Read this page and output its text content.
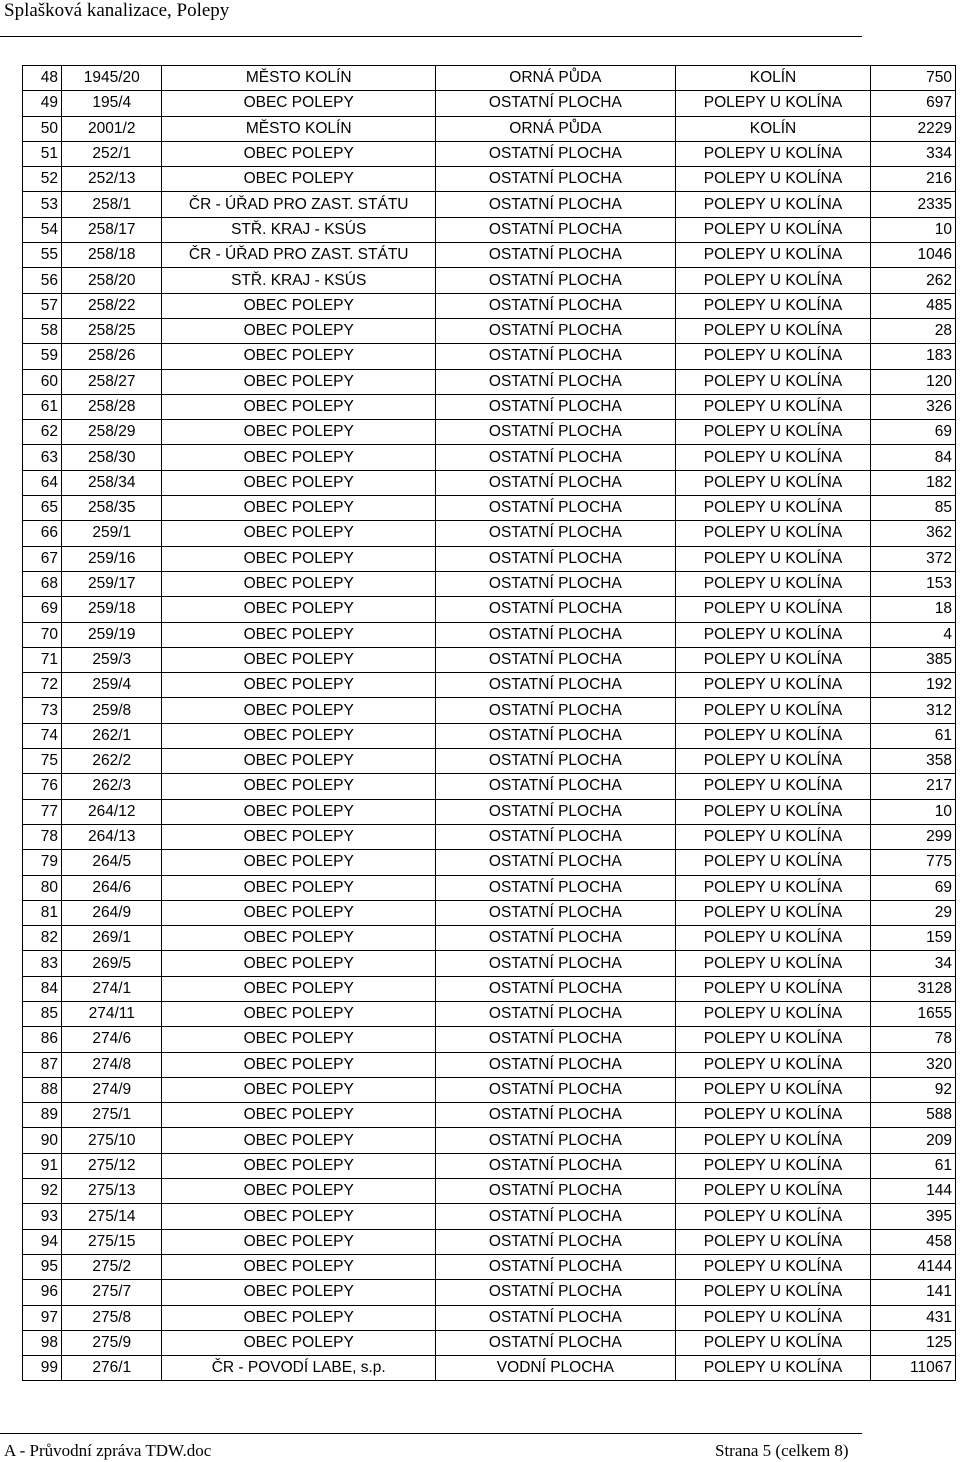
Splašková kanalizace, Polepy
48	1945/20	MĚSTO KOLÍN	ORNÁ PŮDA	KOLÍN	750
49	195/4	OBEC POLEPY	OSTATNÍ PLOCHA	POLEPY U KOLÍNA	697
50	2001/2	MĚSTO KOLÍN	ORNÁ PŮDA	KOLÍN	2229
51	252/1	OBEC POLEPY	OSTATNÍ PLOCHA	POLEPY U KOLÍNA	334
52	252/13	OBEC POLEPY	OSTATNÍ PLOCHA	POLEPY U KOLÍNA	216
53	258/1	ČR - ÚŘAD PRO ZAST. STÁTU	OSTATNÍ PLOCHA	POLEPY U KOLÍNA	2335
54	258/17	STŘ. KRAJ - KSÚS	OSTATNÍ PLOCHA	POLEPY U KOLÍNA	10
55	258/18	ČR - ÚŘAD PRO ZAST. STÁTU	OSTATNÍ PLOCHA	POLEPY U KOLÍNA	1046
56	258/20	STŘ. KRAJ - KSÚS	OSTATNÍ PLOCHA	POLEPY U KOLÍNA	262
57	258/22	OBEC POLEPY	OSTATNÍ PLOCHA	POLEPY U KOLÍNA	485
58	258/25	OBEC POLEPY	OSTATNÍ PLOCHA	POLEPY U KOLÍNA	28
59	258/26	OBEC POLEPY	OSTATNÍ PLOCHA	POLEPY U KOLÍNA	183
60	258/27	OBEC POLEPY	OSTATNÍ PLOCHA	POLEPY U KOLÍNA	120
61	258/28	OBEC POLEPY	OSTATNÍ PLOCHA	POLEPY U KOLÍNA	326
62	258/29	OBEC POLEPY	OSTATNÍ PLOCHA	POLEPY U KOLÍNA	69
63	258/30	OBEC POLEPY	OSTATNÍ PLOCHA	POLEPY U KOLÍNA	84
64	258/34	OBEC POLEPY	OSTATNÍ PLOCHA	POLEPY U KOLÍNA	182
65	258/35	OBEC POLEPY	OSTATNÍ PLOCHA	POLEPY U KOLÍNA	85
66	259/1	OBEC POLEPY	OSTATNÍ PLOCHA	POLEPY U KOLÍNA	362
67	259/16	OBEC POLEPY	OSTATNÍ PLOCHA	POLEPY U KOLÍNA	372
68	259/17	OBEC POLEPY	OSTATNÍ PLOCHA	POLEPY U KOLÍNA	153
69	259/18	OBEC POLEPY	OSTATNÍ PLOCHA	POLEPY U KOLÍNA	18
70	259/19	OBEC POLEPY	OSTATNÍ PLOCHA	POLEPY U KOLÍNA	4
71	259/3	OBEC POLEPY	OSTATNÍ PLOCHA	POLEPY U KOLÍNA	385
72	259/4	OBEC POLEPY	OSTATNÍ PLOCHA	POLEPY U KOLÍNA	192
73	259/8	OBEC POLEPY	OSTATNÍ PLOCHA	POLEPY U KOLÍNA	312
74	262/1	OBEC POLEPY	OSTATNÍ PLOCHA	POLEPY U KOLÍNA	61
75	262/2	OBEC POLEPY	OSTATNÍ PLOCHA	POLEPY U KOLÍNA	358
76	262/3	OBEC POLEPY	OSTATNÍ PLOCHA	POLEPY U KOLÍNA	217
77	264/12	OBEC POLEPY	OSTATNÍ PLOCHA	POLEPY U KOLÍNA	10
78	264/13	OBEC POLEPY	OSTATNÍ PLOCHA	POLEPY U KOLÍNA	299
79	264/5	OBEC POLEPY	OSTATNÍ PLOCHA	POLEPY U KOLÍNA	775
80	264/6	OBEC POLEPY	OSTATNÍ PLOCHA	POLEPY U KOLÍNA	69
81	264/9	OBEC POLEPY	OSTATNÍ PLOCHA	POLEPY U KOLÍNA	29
82	269/1	OBEC POLEPY	OSTATNÍ PLOCHA	POLEPY U KOLÍNA	159
83	269/5	OBEC POLEPY	OSTATNÍ PLOCHA	POLEPY U KOLÍNA	34
84	274/1	OBEC POLEPY	OSTATNÍ PLOCHA	POLEPY U KOLÍNA	3128
85	274/11	OBEC POLEPY	OSTATNÍ PLOCHA	POLEPY U KOLÍNA	1655
86	274/6	OBEC POLEPY	OSTATNÍ PLOCHA	POLEPY U KOLÍNA	78
87	274/8	OBEC POLEPY	OSTATNÍ PLOCHA	POLEPY U KOLÍNA	320
88	274/9	OBEC POLEPY	OSTATNÍ PLOCHA	POLEPY U KOLÍNA	92
89	275/1	OBEC POLEPY	OSTATNÍ PLOCHA	POLEPY U KOLÍNA	588
90	275/10	OBEC POLEPY	OSTATNÍ PLOCHA	POLEPY U KOLÍNA	209
91	275/12	OBEC POLEPY	OSTATNÍ PLOCHA	POLEPY U KOLÍNA	61
92	275/13	OBEC POLEPY	OSTATNÍ PLOCHA	POLEPY U KOLÍNA	144
93	275/14	OBEC POLEPY	OSTATNÍ PLOCHA	POLEPY U KOLÍNA	395
94	275/15	OBEC POLEPY	OSTATNÍ PLOCHA	POLEPY U KOLÍNA	458
95	275/2	OBEC POLEPY	OSTATNÍ PLOCHA	POLEPY U KOLÍNA	4144
96	275/7	OBEC POLEPY	OSTATNÍ PLOCHA	POLEPY U KOLÍNA	141
97	275/8	OBEC POLEPY	OSTATNÍ PLOCHA	POLEPY U KOLÍNA	431
98	275/9	OBEC POLEPY	OSTATNÍ PLOCHA	POLEPY U KOLÍNA	125
99	276/1	ČR - POVODÍ LABE, s.p.	VODNÍ PLOCHA	POLEPY U KOLÍNA	11067
A - Průvodní zpráva TDW.doc	Strana 5 (celkem 8)
